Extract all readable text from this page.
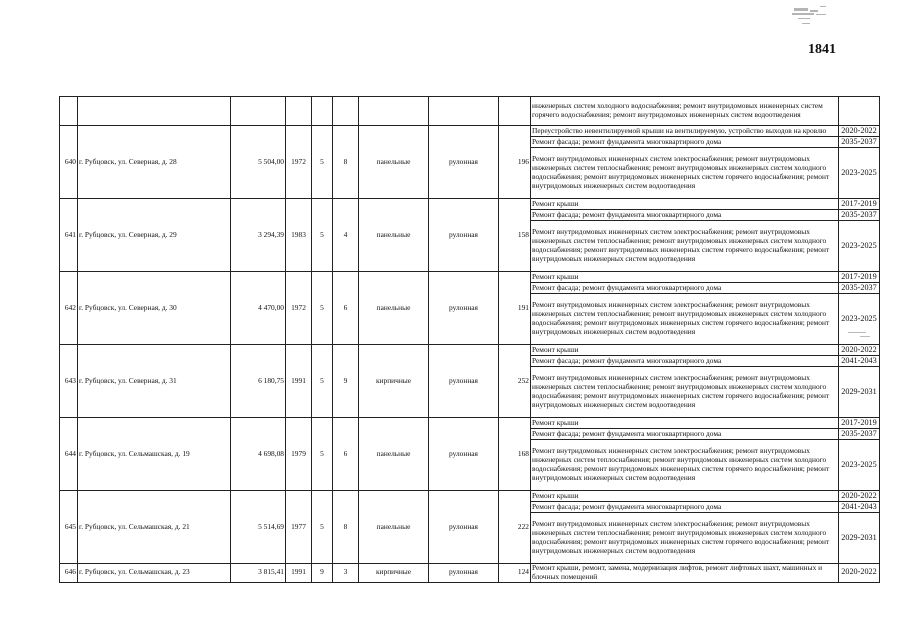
1841
									инженерных систем холодного водоснабжения; ремонт внутридомовых инженерных систем горячего водоснабжения; ремонт внутридомовых инженерных систем водоотведения	
640	г. Рубцовск, ул. Северная, д. 28	5 504,00	1972	5	8	панельные	рулонная	196	Переустройство невентилируемой крыши на вентилируемую, устройство выходов на кровлю	2020-2022
									Ремонт фасада; ремонт фундамента многоквартирного дома	2035-2037
									Ремонт внутридомовых инженерных систем электроснабжения; ремонт внутридомовых инженерных систем теплоснабжения; ремонт внутридомовых инженерных систем холодного водоснабжения; ремонт внутридомовых инженерных систем горячего водоснабжения; ремонт внутридомовых инженерных систем водоотведения	2023-2025
641	г. Рубцовск, ул. Северная, д. 29	3 294,39	1983	5	4	панельные	рулонная	158	Ремонт крыши	2017-2019
									Ремонт фасада; ремонт фундамента многоквартирного дома	2035-2037
									Ремонт внутридомовых инженерных систем электроснабжения; ремонт внутридомовых инженерных систем теплоснабжения; ремонт внутридомовых инженерных систем холодного водоснабжения; ремонт внутридомовых инженерных систем горячего водоснабжения; ремонт внутридомовых инженерных систем водоотведения	2023-2025
642	г. Рубцовск, ул. Северная, д. 30	4 470,00	1972	5	6	панельные	рулонная	191	Ремонт крыши	2017-2019
									Ремонт фасада; ремонт фундамента многоквартирного дома	2035-2037
									Ремонт внутридомовых инженерных систем электроснабжения; ремонт внутридомовых инженерных систем теплоснабжения; ремонт внутридомовых инженерных систем холодного водоснабжения; ремонт внутридомовых инженерных систем горячего водоснабжения; ремонт внутридомовых инженерных систем водоотведения	2023-2025
643	г. Рубцовск, ул. Северная, д. 31	6 180,75	1991	5	9	кирпичные	рулонная	252	Ремонт крыши	2020-2022
									Ремонт фасада; ремонт фундамента многоквартирного дома	2041-2043
									Ремонт внутридомовых инженерных систем электроснабжения; ремонт внутридомовых инженерных систем теплоснабжения; ремонт внутридомовых инженерных систем холодного водоснабжения; ремонт внутридомовых инженерных систем горячего водоснабжения; ремонт внутридомовых инженерных систем водоотведения	2029-2031
644	г. Рубцовск, ул. Сельмашская, д. 19	4 698,08	1979	5	6	панельные	рулонная	168	Ремонт крыши	2017-2019
									Ремонт фасада; ремонт фундамента многоквартирного дома	2035-2037
									Ремонт внутридомовых инженерных систем электроснабжения; ремонт внутридомовых инженерных систем теплоснабжения; ремонт внутридомовых инженерных систем холодного водоснабжения; ремонт внутридомовых инженерных систем горячего водоснабжения; ремонт внутридомовых инженерных систем водоотведения	2023-2025
645	г. Рубцовск, ул. Сельмашская, д. 21	5 514,69	1977	5	8	панельные	рулонная	222	Ремонт крыши	2020-2022
									Ремонт фасада; ремонт фундамента многоквартирного дома	2041-2043
									Ремонт внутридомовых инженерных систем электроснабжения; ремонт внутридомовых инженерных систем теплоснабжения; ремонт внутридомовых инженерных систем холодного водоснабжения; ремонт внутридомовых инженерных систем горячего водоснабжения; ремонт внутридомовых инженерных систем водоотведения	2029-2031
646	г. Рубцовск, ул. Сельмашская, д. 23	3 815,41	1991	9	3	кирпичные	рулонная	124	Ремонт крыши, ремонт, замена, модернизация лифтов, ремонт лифтовых шахт, машинных и блочных помещений	2020-2022
